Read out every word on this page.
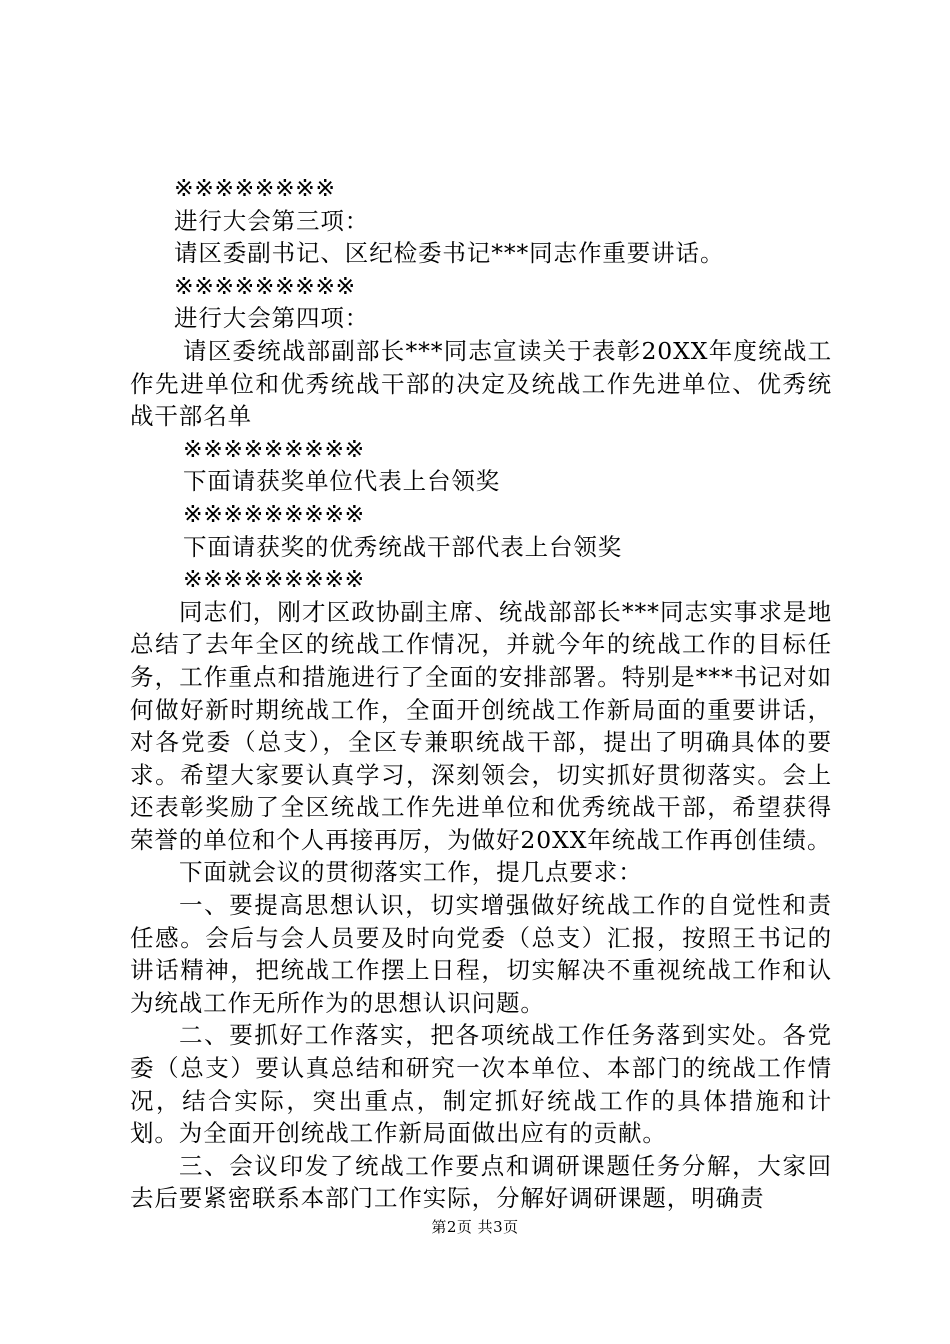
※※※※※※※※

进行大会第三项：

请区委副书记、区纪检委书记***同志作重要讲话。

※※※※※※※※※

进行大会第四项：

请区委统战部副部长***同志宣读关于表彰20XX年度统战工作先进单位和优秀统战干部的决定及统战工作先进单位、优秀统战干部名单

※※※※※※※※※

下面请获奖单位代表上台领奖

※※※※※※※※※

下面请获奖的优秀统战干部代表上台领奖

※※※※※※※※※

同志们，刚才区政协副主席、统战部部长***同志实事求是地总结了去年全区的统战工作情况，并就今年的统战工作的目标任务，工作重点和措施进行了全面的安排部署。特别是***书记对如何做好新时期统战工作，全面开创统战工作新局面的重要讲话，对各党委（总支），全区专兼职统战干部，提出了明确具体的要求。希望大家要认真学习，深刻领会，切实抓好贯彻落实。会上还表彰奖励了全区统战工作先进单位和优秀统战干部，希望获得荣誉的单位和个人再接再厉，为做好20XX年统战工作再创佳绩。

下面就会议的贯彻落实工作，提几点要求：

一、要提高思想认识，切实增强做好统战工作的自觉性和责任感。会后与会人员要及时向党委（总支）汇报，按照王书记的讲话精神，把统战工作摆上日程，切实解决不重视统战工作和认为统战工作无所作为的思想认识问题。

二、要抓好工作落实，把各项统战工作任务落到实处。各党委（总支）要认真总结和研究一次本单位、本部门的统战工作情况，结合实际，突出重点，制定抓好统战工作的具体措施和计划。为全面开创统战工作新局面做出应有的贡献。

三、会议印发了统战工作要点和调研课题任务分解，大家回去后要紧密联系本部门工作实际，分解好调研课题，明确责

第2页 共3页
